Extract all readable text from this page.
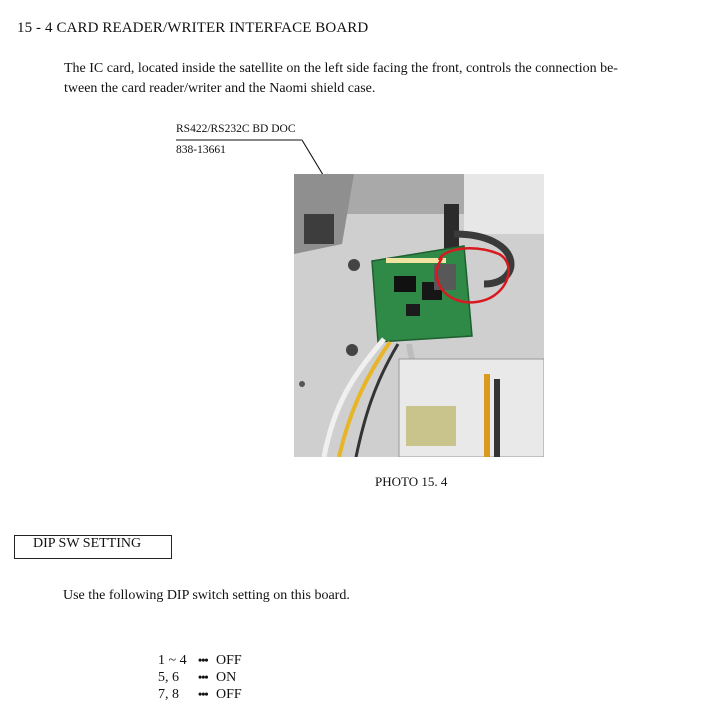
15 - 4 CARD READER/WRITER INTERFACE BOARD
The IC card, located inside the satellite on the left side facing the front, controls the connection be-
tween the card reader/writer and the Naomi shield case.
RS422/RS232C BD DOC
838-13661
PHOTO 15. 4
DIP SW SETTING
Use the following DIP switch setting on this board.
1 ~ 4 ••• OFF
5, 6 ••• ON
7, 8 ••• OFF
